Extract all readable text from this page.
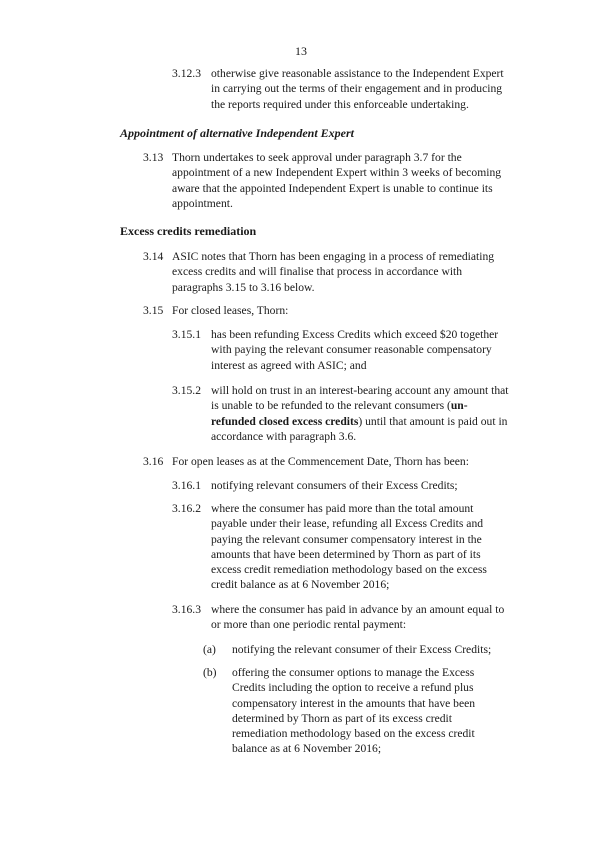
13
3.12.3 otherwise give reasonable assistance to the Independent Expert
in carrying out the terms of their engagement and in producing
the reports required under this enforceable undertaking.
Appointment of alternative Independent Expert
3.13 Thorn undertakes to seek approval under paragraph 3.7 for the
appointment of a new Independent Expert within 3 weeks of becoming
aware that the appointed Independent Expert is unable to continue its
appointment.
Excess credits remediation
3.14 ASIC notes that Thorn has been engaging in a process of remediating
excess credits and will finalise that process in accordance with
paragraphs 3.15 to 3.16 below.
3.15 For closed leases, Thorn:
3.15.1 has been refunding Excess Credits which exceed $20 together
with paying the relevant consumer reasonable compensatory
interest as agreed with ASIC; and
3.15.2 will hold on trust in an interest-bearing account any amount that
is unable to be refunded to the relevant consumers (un-
refunded closed excess credits) until that amount is paid out in
accordance with paragraph 3.6.
3.16 For open leases as at the Commencement Date, Thorn has been:
3.16.1 notifying relevant consumers of their Excess Credits;
3.16.2 where the consumer has paid more than the total amount
payable under their lease, refunding all Excess Credits and
paying the relevant consumer compensatory interest in the
amounts that have been determined by Thorn as part of its
excess credit remediation methodology based on the excess
credit balance as at 6 November 2016;
3.16.3 where the consumer has paid in advance by an amount equal to
or more than one periodic rental payment:
(a) notifying the relevant consumer of their Excess Credits;
(b) offering the consumer options to manage the Excess
Credits including the option to receive a refund plus
compensatory interest in the amounts that have been
determined by Thorn as part of its excess credit
remediation methodology based on the excess credit
balance as at 6 November 2016;
